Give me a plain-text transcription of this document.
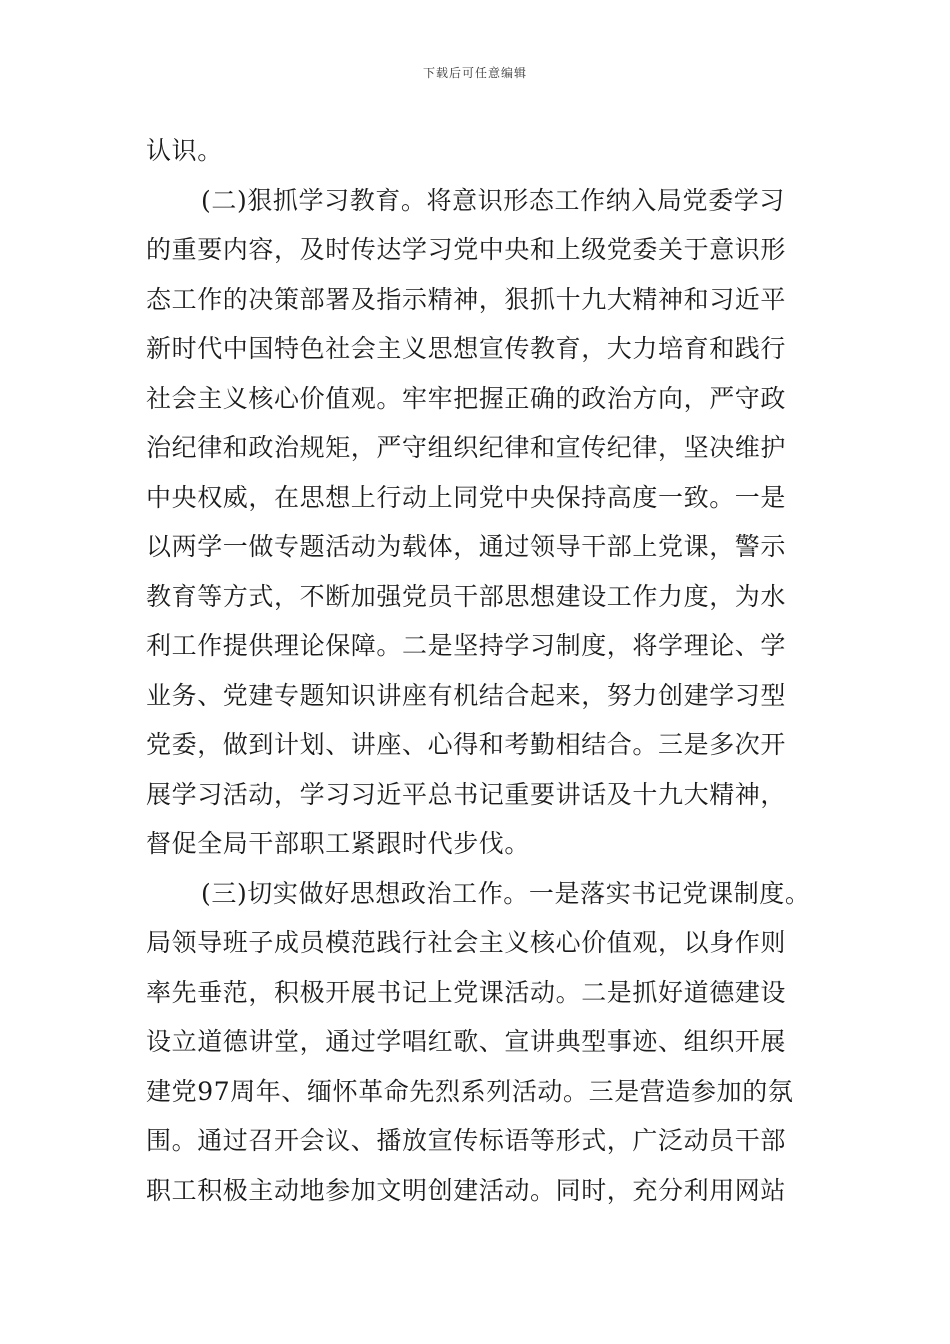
下载后可任意编辑
认识。
(二)狠抓学习教育。将意识形态工作纳入局党委学习
的重要内容，及时传达学习党中央和上级党委关于意识形
态工作的决策部署及指示精神，狠抓十九大精神和习近平
新时代中国特色社会主义思想宣传教育，大力培育和践行
社会主义核心价值观。牢牢把握正确的政治方向，严守政
治纪律和政治规矩，严守组织纪律和宣传纪律，坚决维护
中央权威，在思想上行动上同党中央保持高度一致。一是
以两学一做专题活动为载体，通过领导干部上党课，警示
教育等方式，不断加强党员干部思想建设工作力度，为水
利工作提供理论保障。二是坚持学习制度，将学理论、学
业务、党建专题知识讲座有机结合起来，努力创建学习型
党委，做到计划、讲座、心得和考勤相结合。三是多次开
展学习活动，学习习近平总书记重要讲话及十九大精神，
督促全局干部职工紧跟时代步伐。
(三)切实做好思想政治工作。一是落实书记党课制度。
局领导班子成员模范践行社会主义核心价值观，以身作则
率先垂范，积极开展书记上党课活动。二是抓好道德建设
设立道德讲堂，通过学唱红歌、宣讲典型事迹、组织开展
建党97周年、缅怀革命先烈系列活动。三是营造参加的氛
围。通过召开会议、播放宣传标语等形式，广泛动员干部
职工积极主动地参加文明创建活动。同时，充分利用网站
